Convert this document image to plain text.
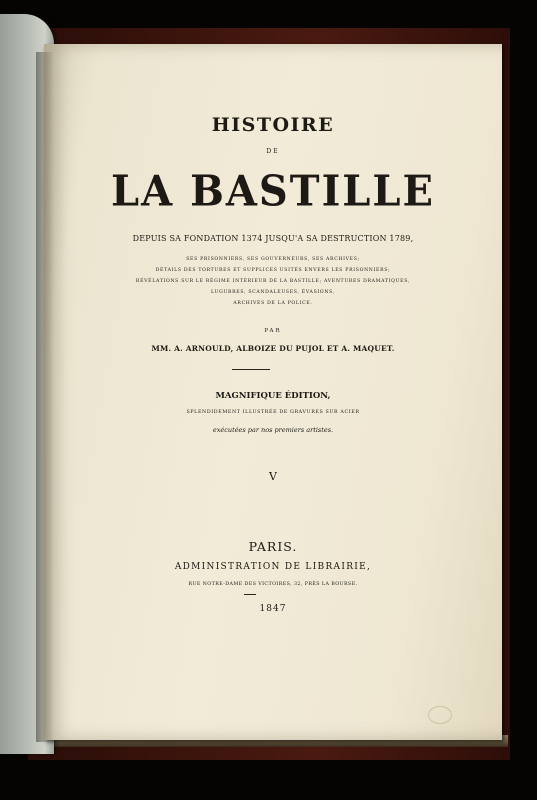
HISTOIRE
DE
LA BASTILLE
DEPUIS SA FONDATION 1374 JUSQU'A SA DESTRUCTION 1789,
SES PRISONNIERS, SES GOUVERNEURS, SES ARCHIVES;
DÉTAILS DES TORTURES ET SUPPLICES USITÉS ENVERS LES PRISONNIERS;
RÉVÉLATIONS SUR LE RÉGIME INTÉRIEUR DE LA BASTILLE; AVENTURES DRAMATIQUES,
LUGUBRES, SCANDALEUSES, ÉVASIONS,
ARCHIVES DE LA POLICE.
PAR
MM. A. ARNOULD, ALBOIZE DU PUJOL ET A. MAQUET.
MAGNIFIQUE ÉDITION,
SPLENDIDEMENT ILLUSTRÉE DE GRAVURES SUR ACIER
exécutées par nos premiers artistes.
V
PARIS.
ADMINISTRATION DE LIBRAIRIE,
RUE NOTRE-DAME DES VICTOIRES, 32, PRÈS LA BOURSE.
1847
